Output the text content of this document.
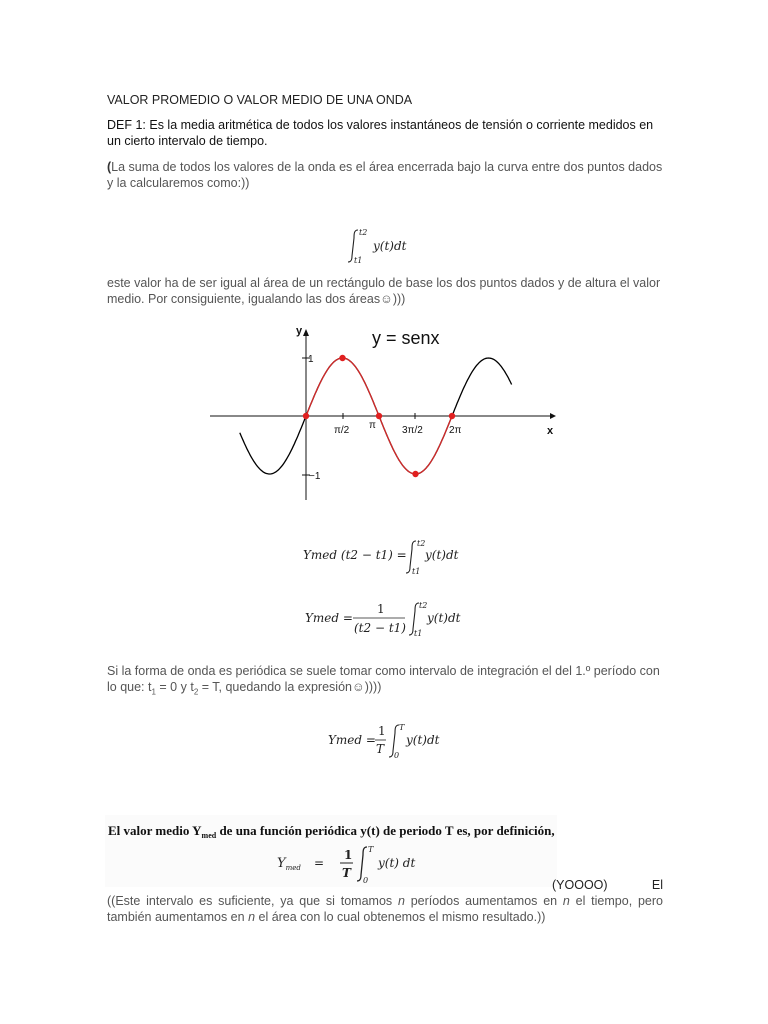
VALOR PROMEDIO O VALOR MEDIO DE UNA ONDA
DEF 1: Es la media aritmética de todos los valores instantáneos de tensión o corriente medidos en un cierto intervalo de tiempo.
(La suma de todos los valores de la onda es el área encerrada bajo la curva entre dos puntos dados y la calcularemos como:))
t2
t1
y(t)dt
este valor ha de ser igual al área de un rectángulo de base los dos puntos dados y de altura el valor medio. Por consiguiente, igualando las dos áreas☺)))
y = senx
y
x
1
−1
π/2 π	3π/2	2π
Ymed (t2 − t1) =
t2
t1
y(t)dt
Ymed =
1
(t2 − t1)
t2
t1
y(t)dt
Si la forma de onda es periódica se suele tomar como intervalo de integración el del 1.º período con lo que: $t_1 = 0$ y $t_2 = T$, quedando la expresión☺))))
Ymed =
1
T
T
0
y(t)dt
El valor medio $Y_{med}$ de una función periódica y(t) de periodo T es, por definición,
$Y_{med}$ =
1
T
T
0
y(t) dt
(YOOOO)	El
((Este intervalo es suficiente, ya que si tomamos n períodos aumentamos en n el tiempo, pero también aumentamos en n el área con lo cual obtenemos el mismo resultado.))
